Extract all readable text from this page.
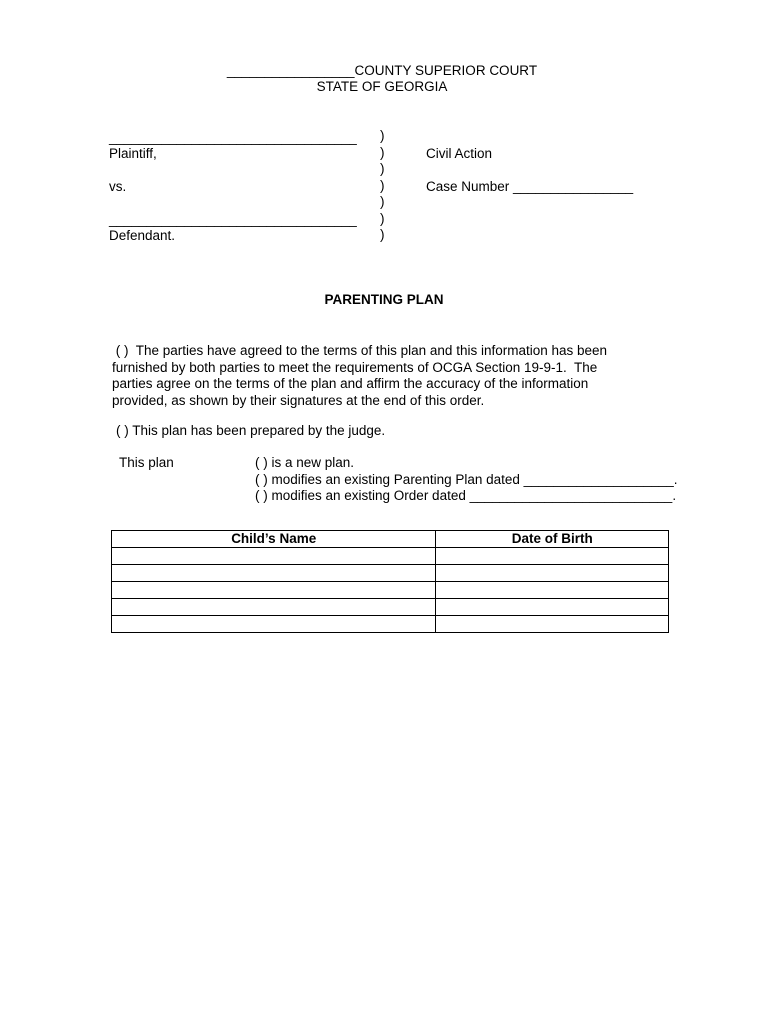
_________________COUNTY SUPERIOR COURT

STATE OF GEORGIA

_________________________________
Plaintiff,
vs.
_________________________________
Defendant.
)
)
)
)
)
)
)
Civil Action
Case Number ________________
PARENTING PLAN
( )  The parties have agreed to the terms of this plan and this information has been
furnished by both parties to meet the requirements of OCGA Section 19-9-1.  The
parties agree on the terms of the plan and affirm the accuracy of the information
provided, as shown by their signatures at the end of this order.
( ) This plan has been prepared by the judge.
This plan	( ) is a new plan.
( ) modifies an existing Parenting Plan dated ____________________.
( ) modifies an existing Order dated ___________________________.
Child’s Name	Date of Birth
